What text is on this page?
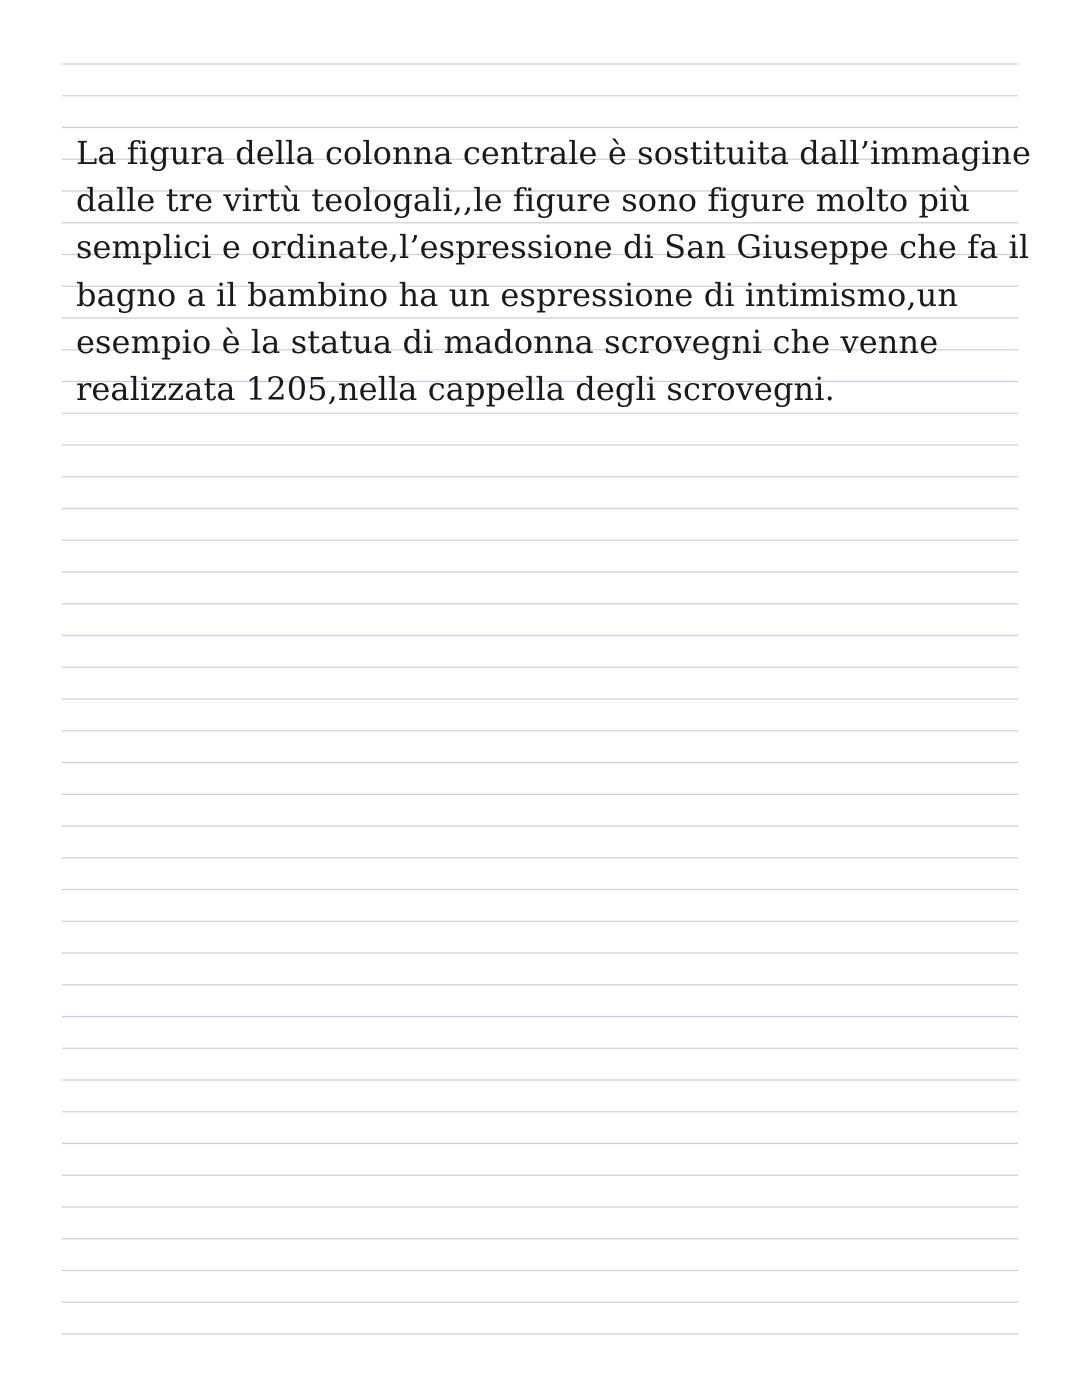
La figura della colonna centrale è sostituita dall’immagine
dalle tre virtù teologali,,le figure sono figure molto più
semplici e ordinate,l’espressione di San Giuseppe che fa il
bagno a il bambino ha un espressione di intimismo,un
esempio è la statua di madonna scrovegni che venne
realizzata 1205,nella cappella degli scrovegni.
